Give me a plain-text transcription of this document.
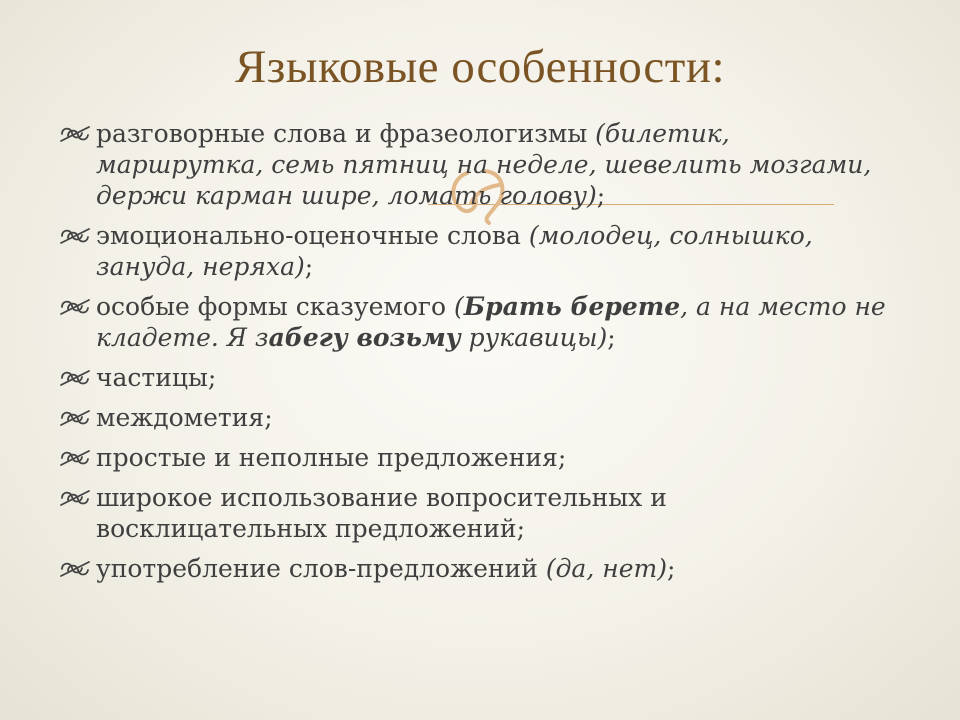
Языковые особенности:
разговорные слова и фразеологизмы (билетик, маршрутка, семь пятниц на неделе, шевелить мозгами, держи карман шире, ломать голову);
эмоционально-оценочные слова (молодец, солнышко, зануда, неряха);
особые формы сказуемого (Брать берете, а на место не кладете. Я забегу возьму рукавицы);
частицы;
междометия;
простые и неполные предложения;
широкое использование вопросительных и восклицательных предложений;
употребление слов-предложений (да, нет);
